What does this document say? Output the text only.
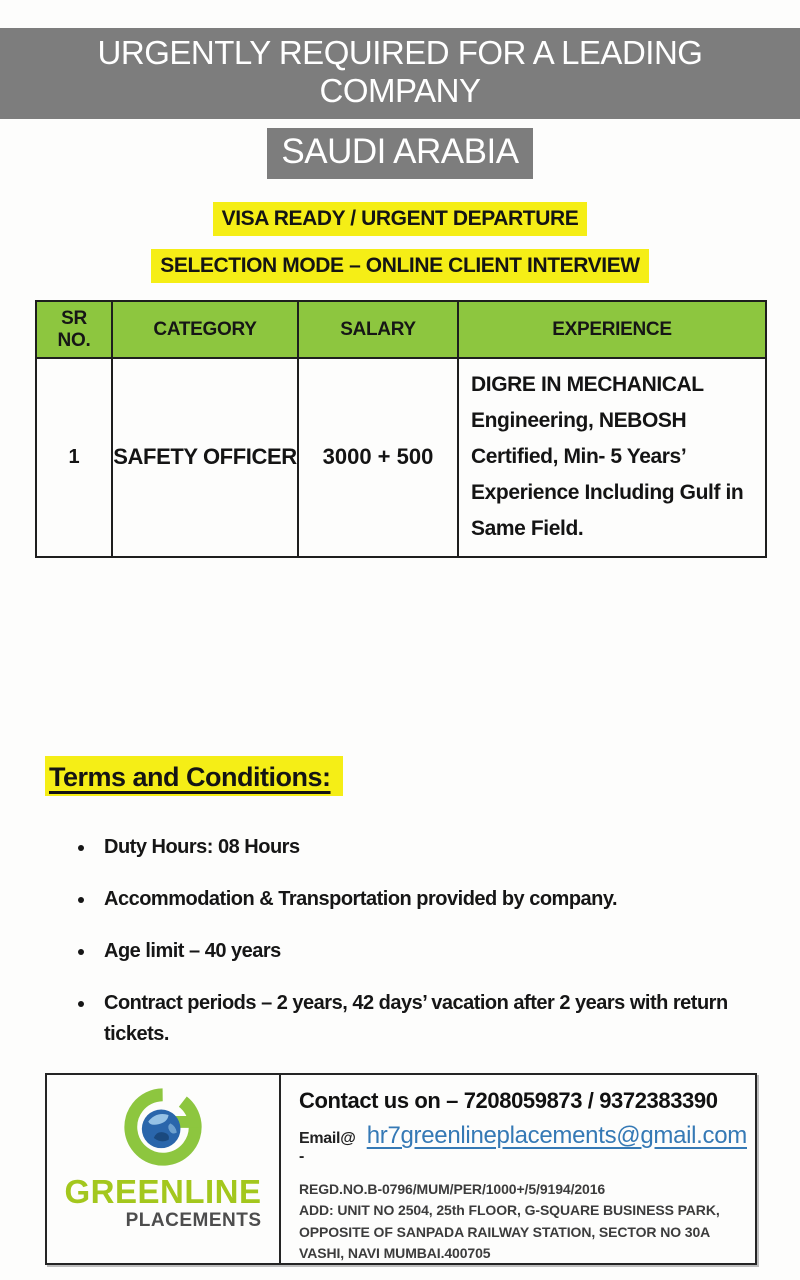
URGENTLY REQUIRED FOR A LEADING COMPANY
SAUDI ARABIA
VISA READY / URGENT DEPARTURE
SELECTION MODE – ONLINE CLIENT INTERVIEW
SR NO.	CATEGORY	SALARY	EXPERIENCE
1	SAFETY OFFICER	3000 + 500	DIGRE IN MECHANICAL Engineering, NEBOSH Certified, Min- 5 Years’ Experience Including Gulf in Same Field.
Terms and Conditions:
• Duty Hours: 08 Hours
• Accommodation & Transportation provided by company.
• Age limit – 40 years
• Contract periods – 2 years, 42 days’ vacation after 2 years with return tickets.
GREENLINE
PLACEMENTS
Contact us on – 7208059873 / 9372383390
Email@ -
hr7greenlineplacements@gmail.com
REGD.NO.B-0796/MUM/PER/1000+/5/9194/2016
ADD: UNIT NO 2504, 25th FLOOR, G-SQUARE BUSINESS PARK, OPPOSITE OF SANPADA RAILWAY STATION, SECTOR NO 30A VASHI, NAVI MUMBAI.400705
